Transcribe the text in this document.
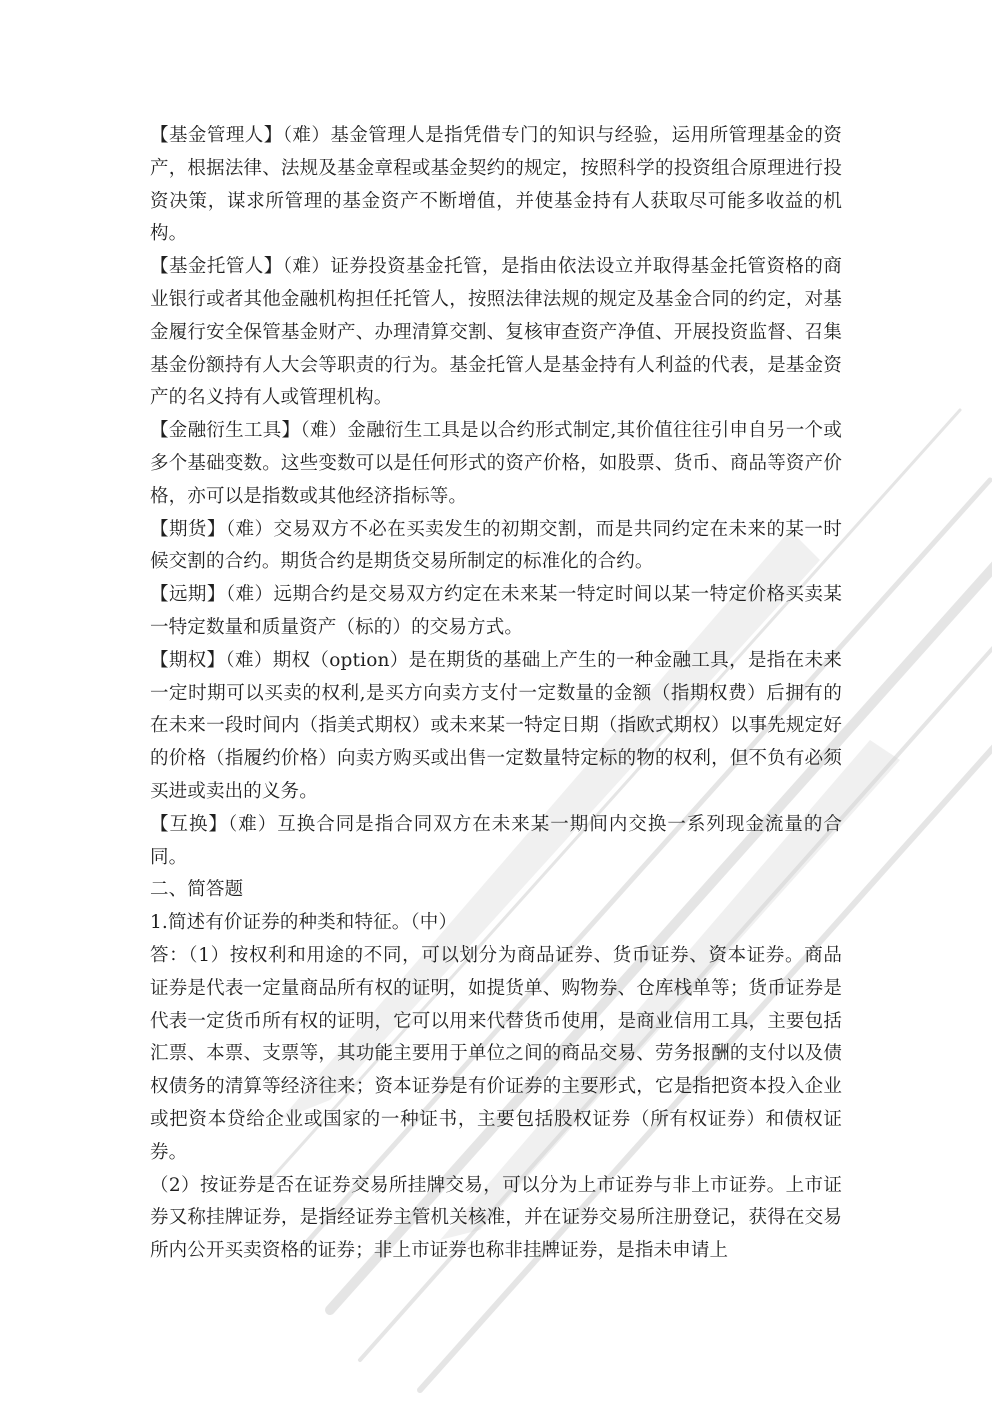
【基金管理人】（难）基金管理人是指凭借专门的知识与经验，运用所管理基金的资产，根据法律、法规及基金章程或基金契约的规定，按照科学的投资组合原理进行投资决策，谋求所管理的基金资产不断增值，并使基金持有人获取尽可能多收益的机构。

【基金托管人】（难）证券投资基金托管，是指由依法设立并取得基金托管资格的商业银行或者其他金融机构担任托管人，按照法律法规的规定及基金合同的约定，对基金履行安全保管基金财产、办理清算交割、复核审查资产净值、开展投资监督、召集基金份额持有人大会等职责的行为。基金托管人是基金持有人利益的代表，是基金资产的名义持有人或管理机构。

【金融衍生工具】（难）金融衍生工具是以合约形式制定,其价值往往引申自另一个或多个基础变数。这些变数可以是任何形式的资产价格，如股票、货币、商品等资产价格，亦可以是指数或其他经济指标等。

【期货】（难）交易双方不必在买卖发生的初期交割，而是共同约定在未来的某一时候交割的合约。期货合约是期货交易所制定的标准化的合约。

【远期】（难）远期合约是交易双方约定在未来某一特定时间以某一特定价格买卖某一特定数量和质量资产（标的）的交易方式。

【期权】（难）期权（option）是在期货的基础上产生的一种金融工具，是指在未来一定时期可以买卖的权利,是买方向卖方支付一定数量的金额（指期权费）后拥有的在未来一段时间内（指美式期权）或未来某一特定日期（指欧式期权）以事先规定好的价格（指履约价格）向卖方购买或出售一定数量特定标的物的权利，但不负有必须买进或卖出的义务。

【互换】（难）互换合同是指合同双方在未来某一期间内交换一系列现金流量的合同。

二、简答题

1.简述有价证券的种类和特征。（中）

答：（1）按权利和用途的不同，可以划分为商品证券、货币证券、资本证券。商品证券是代表一定量商品所有权的证明，如提货单、购物券、仓库栈单等；货币证券是代表一定货币所有权的证明，它可以用来代替货币使用，是商业信用工具，主要包括汇票、本票、支票等，其功能主要用于单位之间的商品交易、劳务报酬的支付以及债权债务的清算等经济往来；资本证券是有价证券的主要形式，它是指把资本投入企业或把资本贷给企业或国家的一种证书，主要包括股权证券（所有权证券）和债权证券。

（2）按证券是否在证券交易所挂牌交易，可以分为上市证券与非上市证券。上市证券又称挂牌证券，是指经证券主管机关核准，并在证券交易所注册登记，获得在交易所内公开买卖资格的证券；非上市证券也称非挂牌证券，是指未申请上
